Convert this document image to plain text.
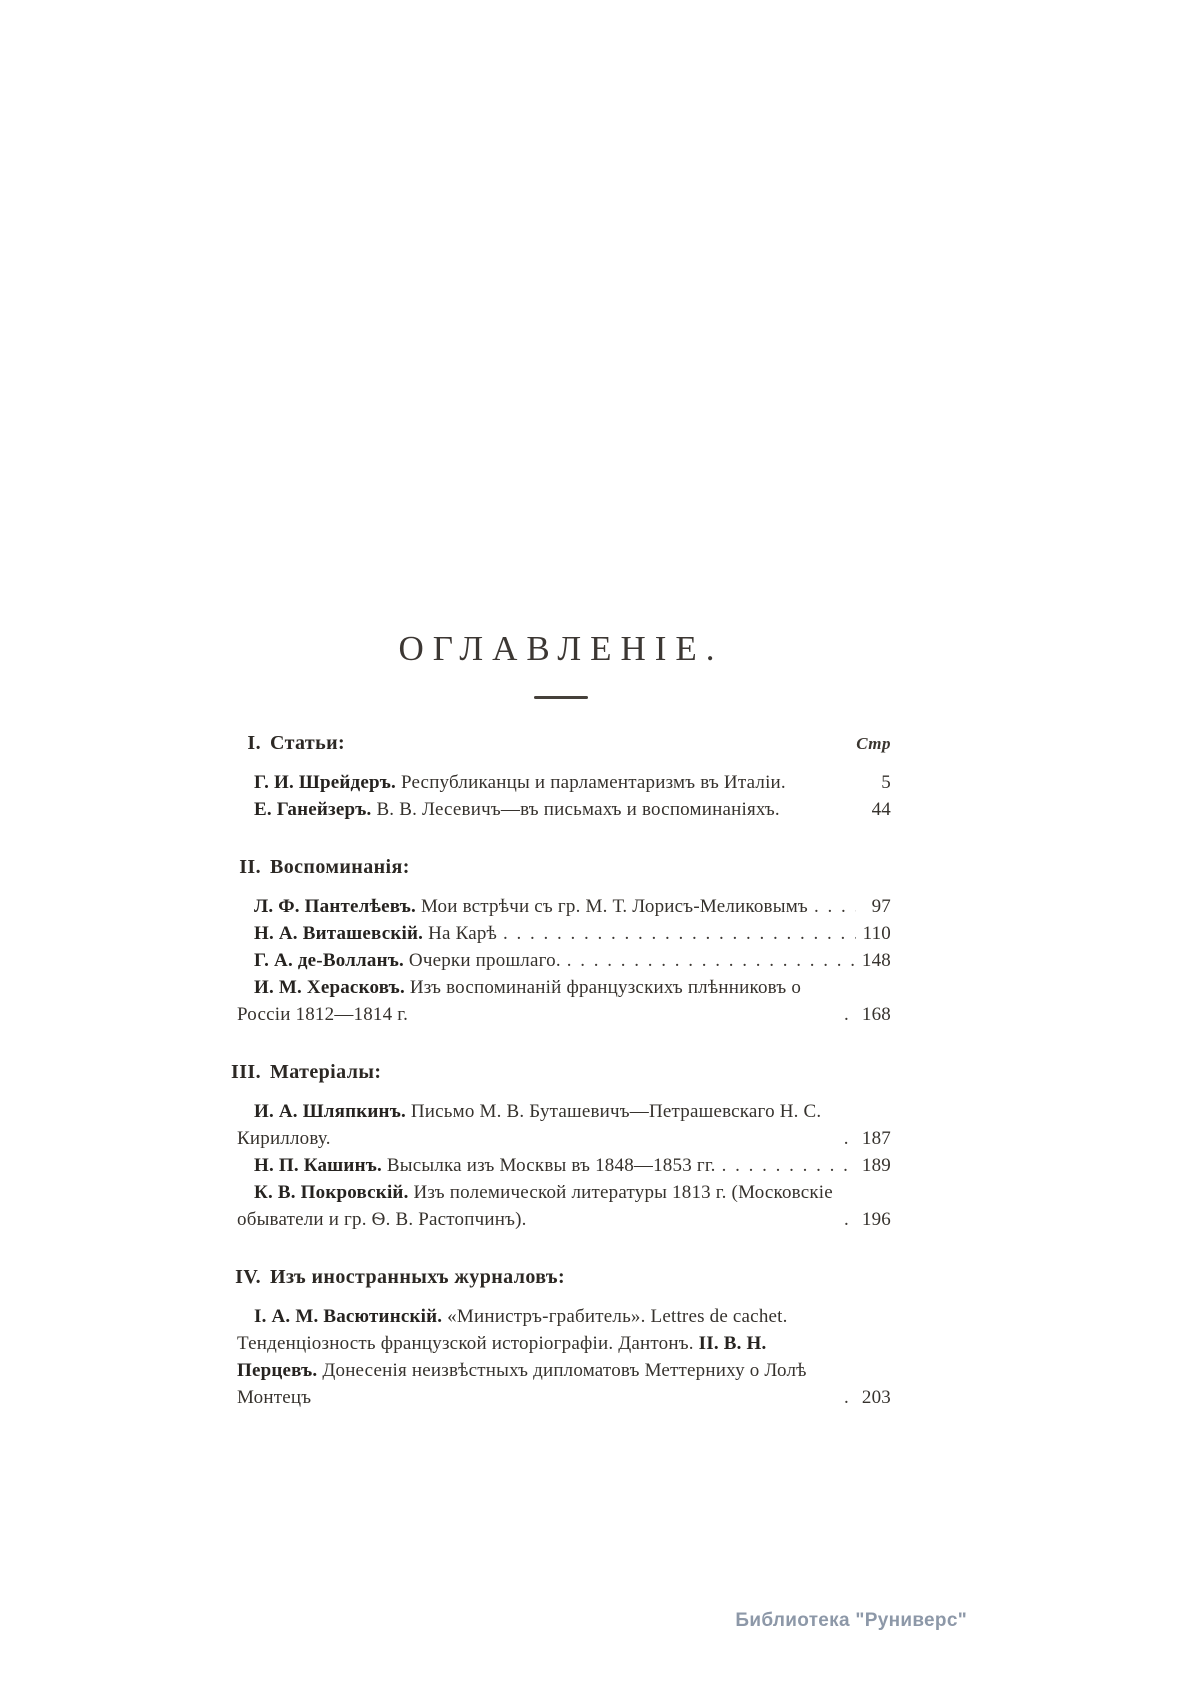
ОГЛАВЛЕНІЕ.
I. Статьи:	Стр
Г. И. Шрейдеръ. Республиканцы и парламентаризмъ въ Италіи.	5
Е. Ганейзеръ. В. В. Лесевичъ—въ письмахъ и воспоминаніяхъ.	44
II. Воспоминанія:
Л. Ф. Пантелѣевъ. Мои встрѣчи съ гр. М. Т. Лорисъ-Меликовымъ . . .	97
Н. А. Виташевскій. На Карѣ . . .	110
Г. А. де-Волланъ. Очерки прошлаго. . . .	148
И. М. Херасковъ. Изъ воспоминаній французскихъ плѣнниковъ о Россіи 1812—1814 г. . . .	168
III. Матеріалы:
И. А. Шляпкинъ. Письмо М. В. Буташевичъ—Петрашевскаго Н. С. Кириллову. . . .	187
Н. П. Кашинъ. Высылка изъ Москвы въ 1848—1853 гг. . . .	189
К. В. Покровскій. Изъ полемической литературы 1813 г. (Московскіе обыватели и гр. Ѳ. В. Растопчинъ). . . .	196
IV. Изъ иностранныхъ журналовъ:
І. А. М. Васютинскій. «Министръ-грабитель». Lettres de cachet. Тенденціозность французской исторіографіи. Дантонъ. II. В. Н. Перцевъ. Донесенія неизвѣстныхъ дипломатовъ Меттерниху о Лолѣ Монтецъ . . .	203
Библиотека "Руниверс"
